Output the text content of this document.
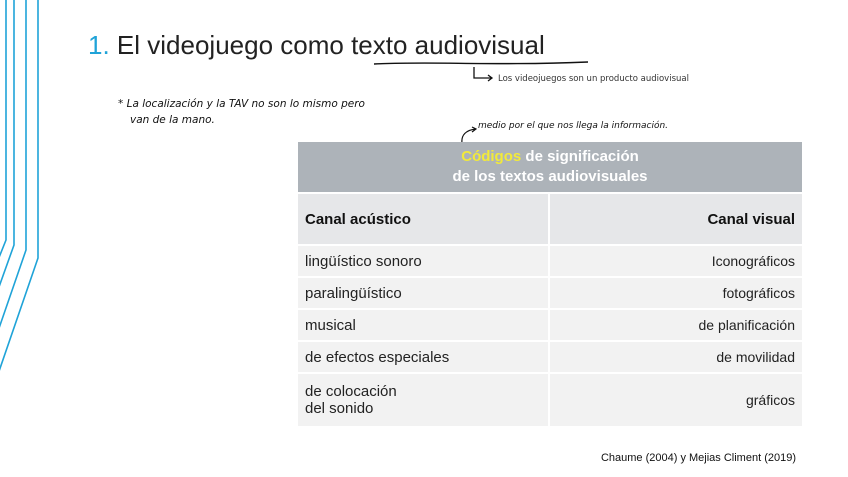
1. El videojuego como texto audiovisual
Los videojuegos son un producto audiovisual
* La localización y la TAV no son lo mismo pero
van de la mano.	medio por el que nos llega la información.
Códigos de significación
de los textos audiovisuales	
Canal acústico	Canal visual
lingüístico sonoro	Iconográficos
paralingüístico	fotográficos
musical	de planificación
de efectos especiales	de movilidad
de colocación
del sonido	gráficos
Chaume (2004) y Mejias Climent (2019)
